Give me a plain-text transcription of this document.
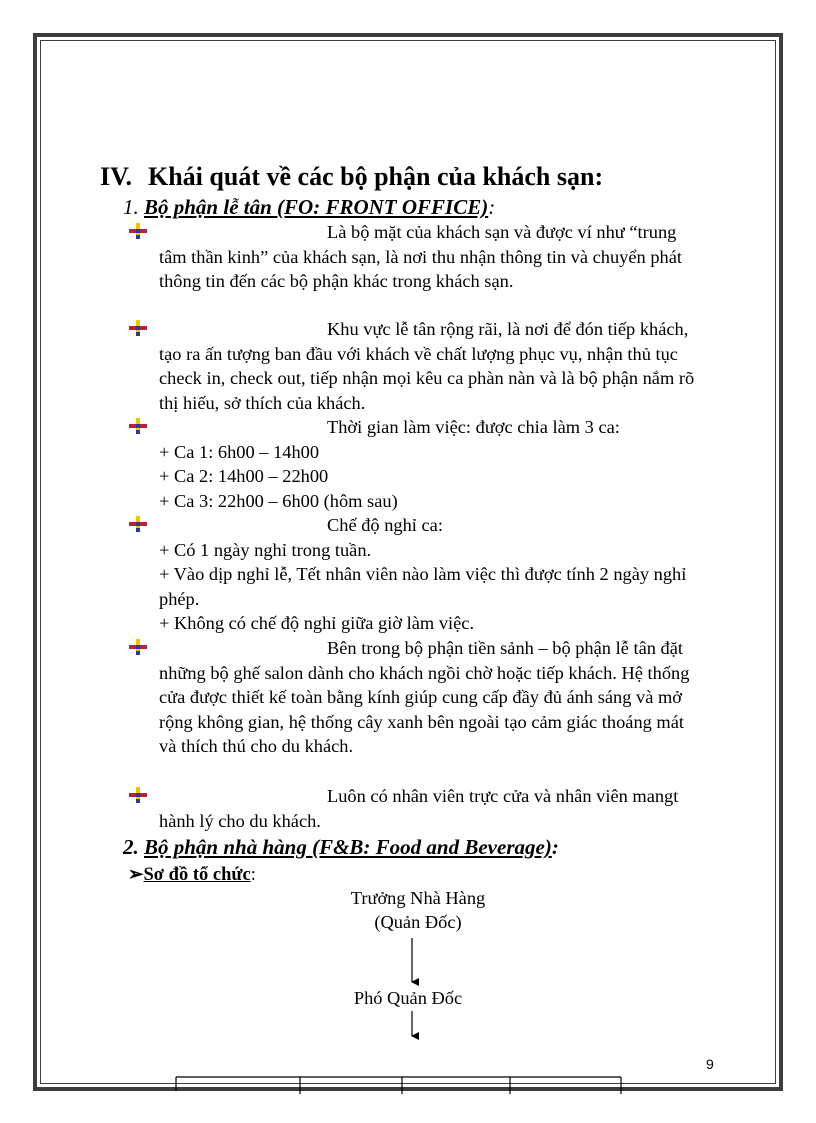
IV. Khái quát về các bộ phận của khách sạn:
1. Bộ phận lễ tân (FO: FRONT OFFICE):

Là bộ mặt của khách sạn và được ví như “trung tâm thần kinh” của khách sạn, là nơi thu nhận thông tin và chuyển phát thông tin đến các bộ phận khác trong khách sạn.

Khu vực lễ tân rộng rãi, là nơi để đón tiếp khách, tạo ra ấn tượng ban đầu với khách về chất lượng phục vụ, nhận thủ tục check in, check out, tiếp nhận mọi kêu ca phàn nàn và là bộ phận nắm rõ thị hiếu, sở thích của khách.

Thời gian làm việc: được chia làm 3 ca:

+ Ca 1: 6h00 – 14h00

+ Ca 2: 14h00 – 22h00

+ Ca 3: 22h00 – 6h00 (hôm sau)

Chế độ nghỉ ca:

+ Có 1 ngày nghỉ trong tuần.

+ Vào dịp nghỉ lễ, Tết nhân viên nào làm việc thì được tính 2 ngày nghỉ phép.

+ Không có chế độ nghỉ giữa giờ làm việc.

Bên trong bộ phận tiền sảnh – bộ phận lễ tân đặt những bộ ghế salon dành cho khách ngồi chờ hoặc tiếp khách. Hệ thống cửa được thiết kế toàn bằng kính giúp cung cấp đầy đủ ánh sáng và mở rộng không gian, hệ thống cây xanh bên ngoài tạo cảm giác thoáng mát và thích thú cho du khách.

Luôn có nhân viên trực cửa và nhân viên mangt hành lý cho du khách.

2. Bộ phận nhà hàng (F&B: Food and Beverage):
➢Sơ đồ tổ chức:
Trưởng Nhà Hàng
(Quản Đốc)
Phó Quản Đốc
9
